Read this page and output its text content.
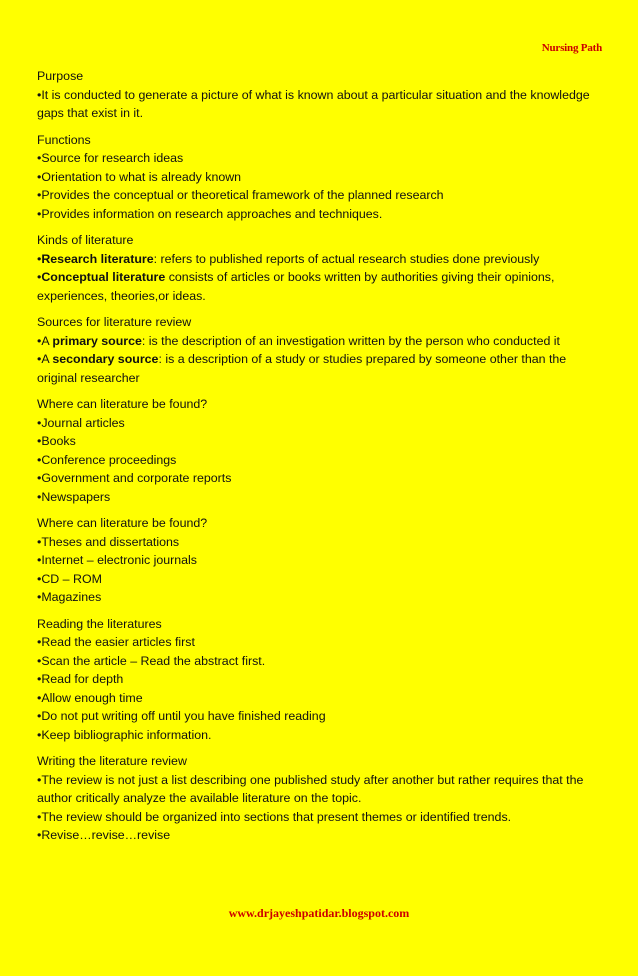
Nursing Path
Purpose
•It is conducted to generate a picture of what is known about a particular situation and the knowledge gaps that exist in it.
Functions
•Source for research ideas
•Orientation to what is already known
•Provides the conceptual or theoretical framework of the planned research
•Provides information on research approaches and techniques.
Kinds of literature
•Research literature: refers to published reports of actual research studies done previously
•Conceptual literature consists of articles or books written by authorities giving their opinions, experiences, theories,or ideas.
Sources for literature review
•A primary source: is the description of an investigation written by the person who conducted it
•A secondary source: is a description of a study or studies prepared by someone other than the original researcher
Where can literature be found?
•Journal articles
•Books
•Conference proceedings
•Government and corporate reports
•Newspapers
Where can literature be found?
•Theses and dissertations
•Internet – electronic journals
•CD – ROM
•Magazines
Reading the literatures
•Read the easier articles first
•Scan the article – Read the abstract first.
•Read for depth
•Allow enough time
•Do not put writing off until you have finished reading
•Keep bibliographic information.
Writing the literature review
•The review is not just a list describing one published study after another but rather requires that the author critically analyze the available literature on the topic.
•The review should be organized into sections that present themes or identified trends.
•Revise…revise…revise
www.drjayeshpatidar.blogspot.com
